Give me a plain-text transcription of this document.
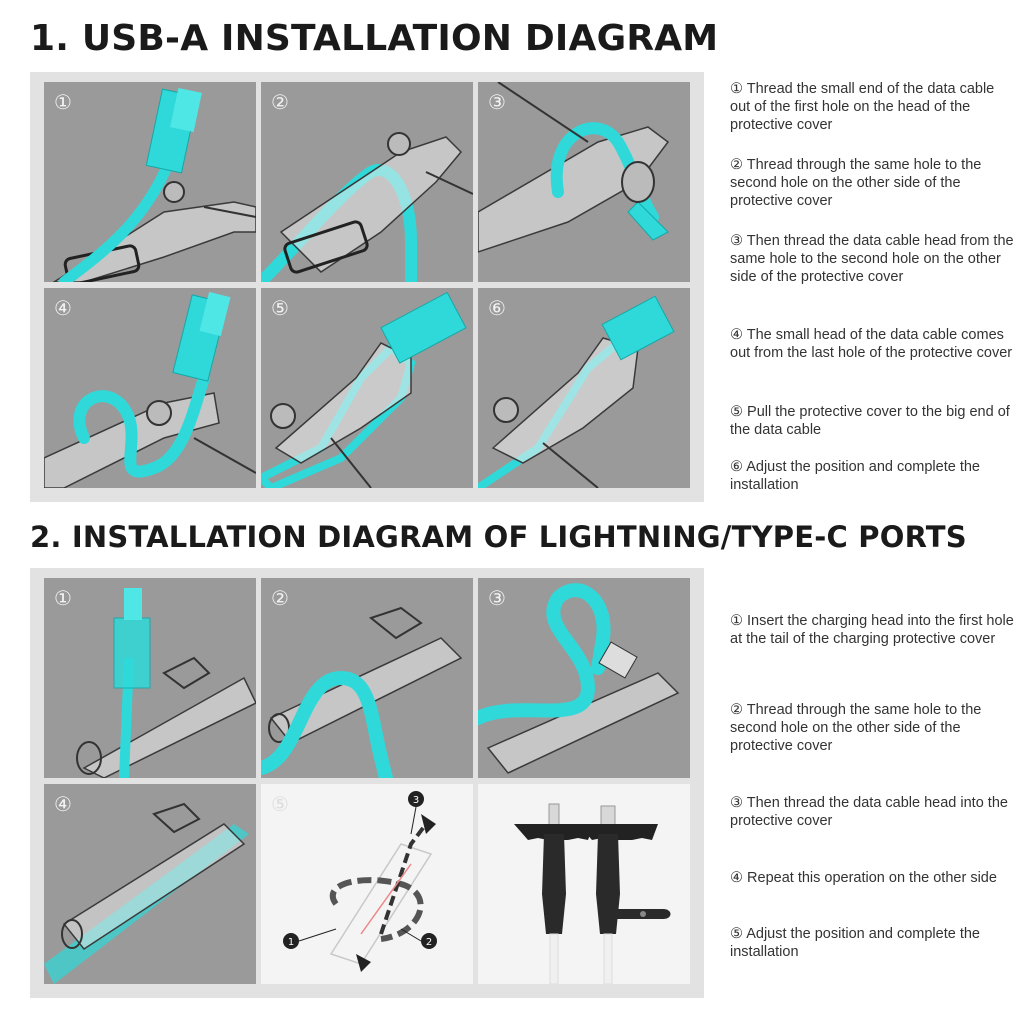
1. USB-A INSTALLATION DIAGRAM
①	②	③
④	⑤	⑥
① Thread the small end of the data cable out of the first hole on the head of the protective cover
② Thread through the same hole to the second hole on the other side of the protective cover
③ Then thread the data cable head from the same hole to the second hole on the other side of the protective cover
④ The small head of the data cable comes out from the last hole of the protective cover
⑤ Pull the protective cover to the big end of the data cable
⑥ Adjust the position and complete the installation
2. INSTALLATION DIAGRAM OF LIGHTNING/TYPE-C PORTS
①	②	③
④	⑤	3
1	2
① Insert the charging head into the first hole at the tail of the charging protective cover
② Thread through the same hole to the second hole on the other side of the protective cover
③ Then thread the data cable head into the protective cover
④ Repeat this operation on the other side
⑤ Adjust the position and complete the installation
